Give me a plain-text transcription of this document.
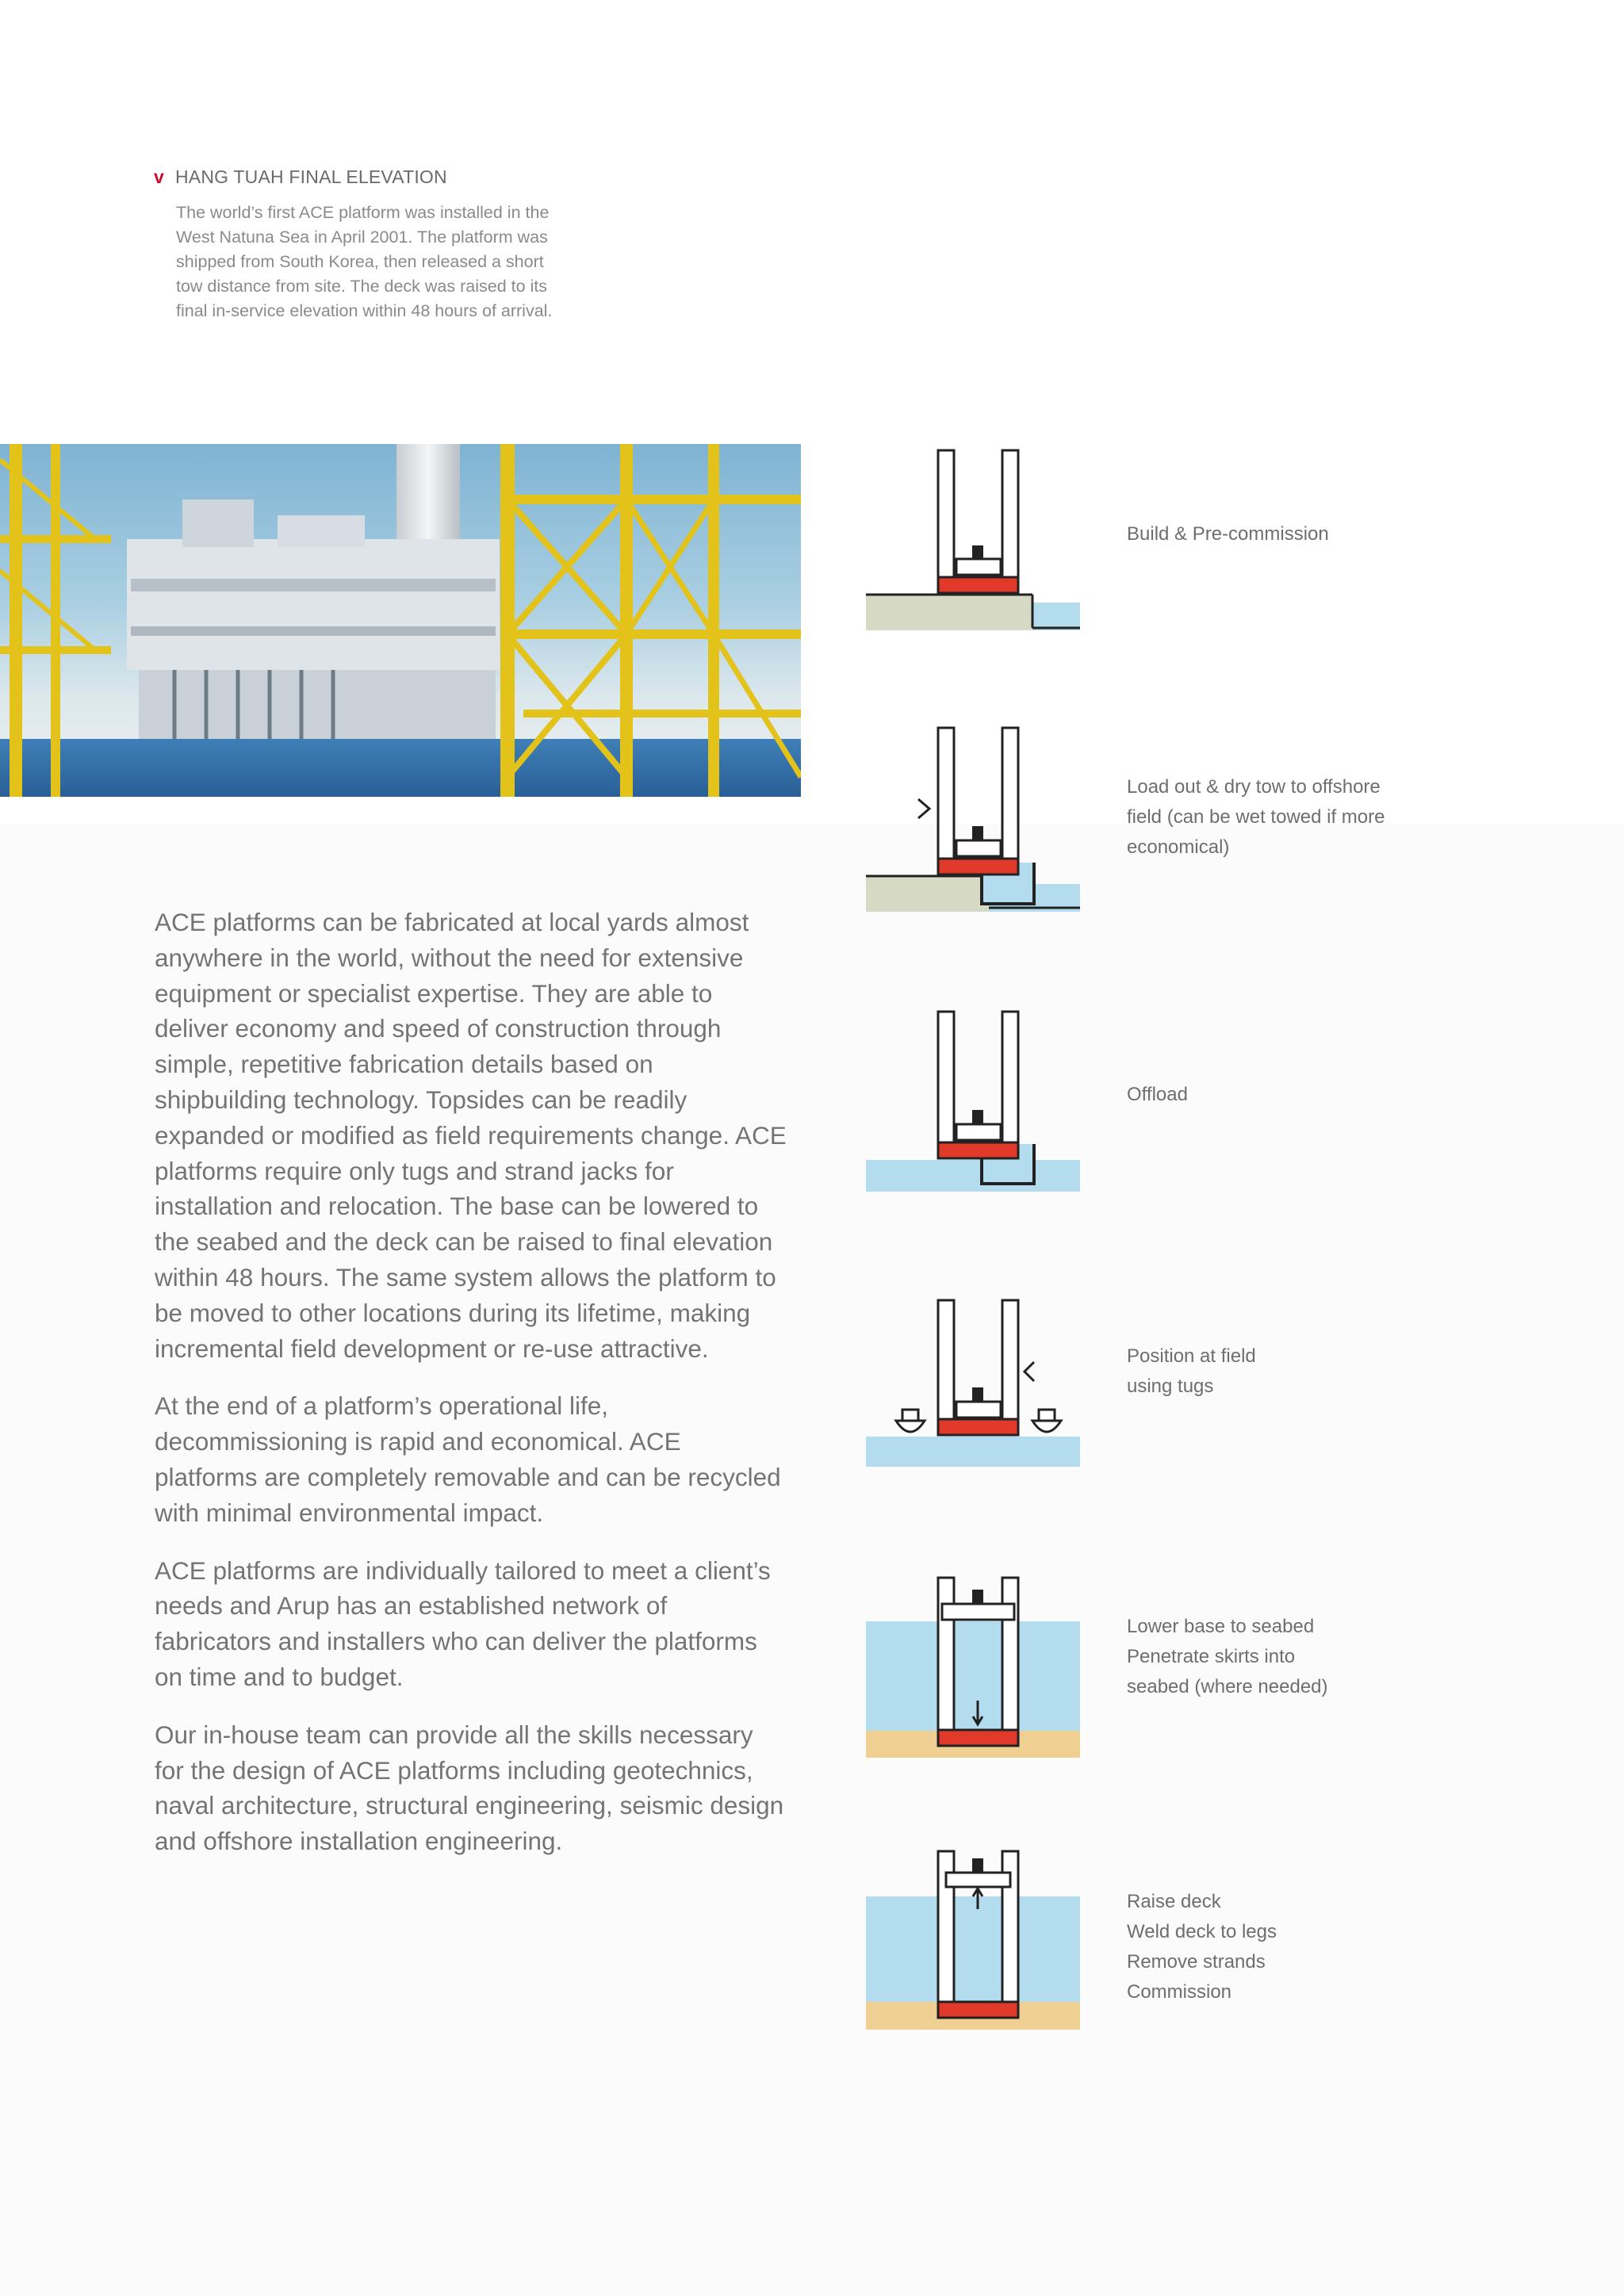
v HANG TUAH FINAL ELEVATION
The world’s first ACE platform was installed in the West Natuna Sea in April 2001. The platform was shipped from South Korea, then released a short tow distance from site. The deck was raised to its final in-service elevation within 48 hours of arrival.

ACE platforms can be fabricated at local yards almost anywhere in the world, without the need for extensive equipment or specialist expertise. They are able to deliver economy and speed of construction through simple, repetitive fabrication details based on shipbuilding technology. Topsides can be readily expanded or modified as field requirements change. ACE platforms require only tugs and strand jacks for installation and relocation. The base can be lowered to the seabed and the deck can be raised to final elevation within 48 hours. The same system allows the platform to be moved to other locations during its lifetime, making incremental field development or re-use attractive.

At the end of a platform’s operational life, decommissioning is rapid and economical. ACE platforms are completely removable and can be recycled with minimal environmental impact.

ACE platforms are individually tailored to meet a client’s needs and Arup has an established network of fabricators and installers who can deliver the platforms on time and to budget.

Our in-house team can provide all the skills necessary for the design of ACE platforms including geotechnics, naval architecture, structural engineering, seismic design and offshore installation engineering.

Build & Pre-commission
Load out & dry tow to offshore
field (can be wet towed if more
economical)
Offload
Position at field
using tugs
Lower base to seabed
Penetrate skirts into
seabed (where needed)
Raise deck
Weld deck to legs
Remove strands
Commission
